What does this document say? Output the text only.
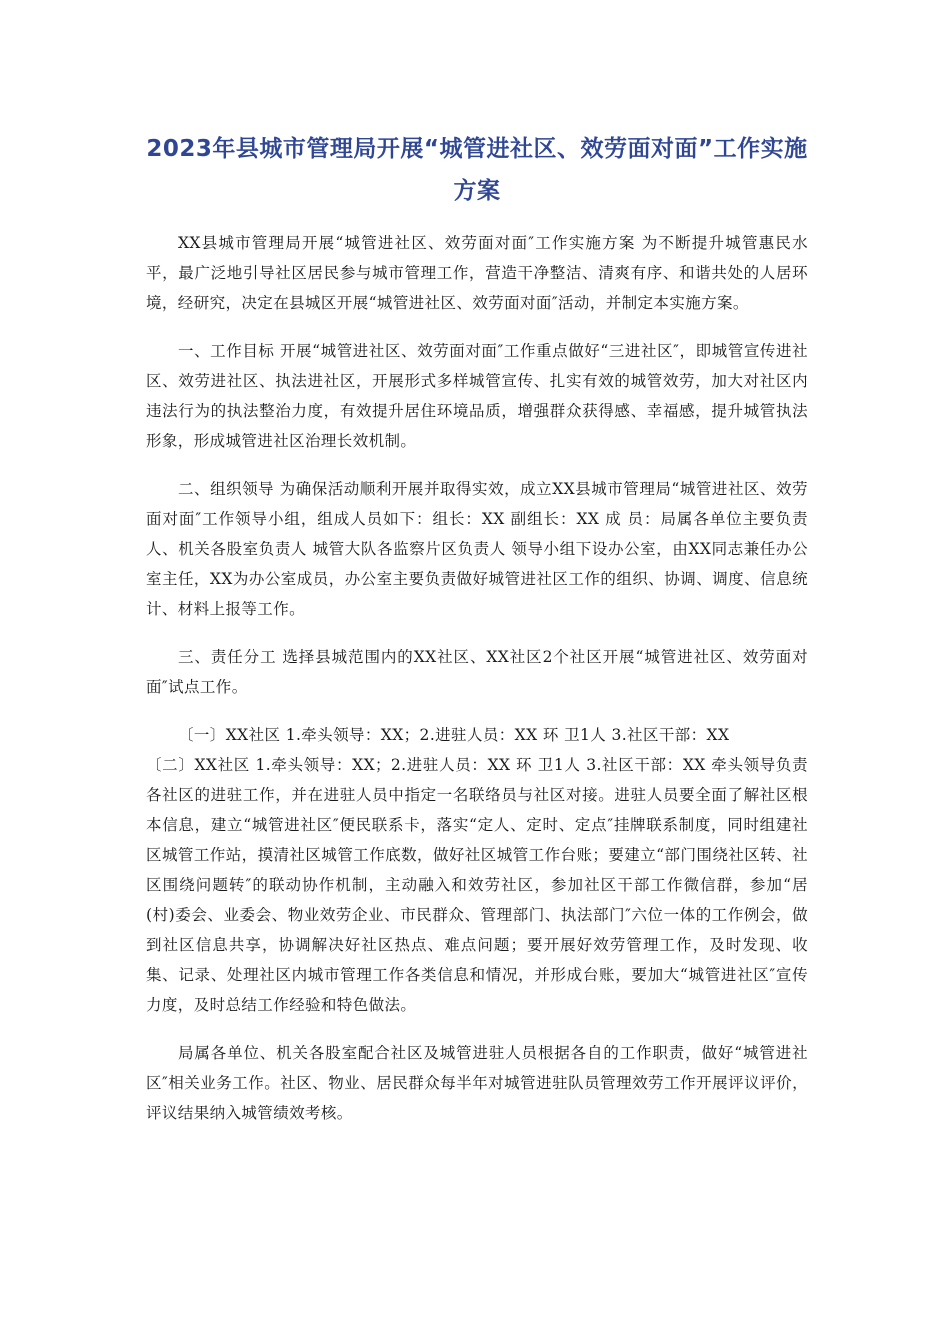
2023年县城市管理局开展“城管进社区、效劳面对面”工作实施方案

XX县城市管理局开展“城管进社区、效劳面对面″工作实施方案 为不断提升城管惠民水平，最广泛地引导社区居民参与城市管理工作，营造干净整洁、清爽有序、和谐共处的人居环境，经研究，决定在县城区开展“城管进社区、效劳面对面″活动，并制定本实施方案。

一、工作目标 开展“城管进社区、效劳面对面″工作重点做好“三进社区″，即城管宣传进社区、效劳进社区、执法进社区，开展形式多样城管宣传、扎实有效的城管效劳，加大对社区内违法行为的执法整治力度，有效提升居住环境品质，增强群众获得感、幸福感，提升城管执法形象，形成城管进社区治理长效机制。

二、组织领导 为确保活动顺利开展并取得实效，成立XX县城市管理局“城管进社区、效劳面对面″工作领导小组，组成人员如下：组长：XX 副组长：XX 成 员：局属各单位主要负责人、机关各股室负责人 城管大队各监察片区负责人 领导小组下设办公室，由XX同志兼任办公室主任，XX为办公室成员，办公室主要负责做好城管进社区工作的组织、协调、调度、信息统计、材料上报等工作。

三、责任分工 选择县城范围内的XX社区、XX社区2个社区开展“城管进社区、效劳面对面″试点工作。

〔一〕XX社区 1.牵头领导：XX；2.进驻人员：XX 环 卫1人 3.社区干部：XX

〔二〕XX社区 1.牵头领导：XX；2.进驻人员：XX 环 卫1人 3.社区干部：XX 牵头领导负责各社区的进驻工作，并在进驻人员中指定一名联络员与社区对接。进驻人员要全面了解社区根本信息，建立“城管进社区″便民联系卡，落实“定人、定时、定点″挂牌联系制度，同时组建社区城管工作站，摸清社区城管工作底数，做好社区城管工作台账；要建立“部门围绕社区转、社区围绕问题转″的联动协作机制，主动融入和效劳社区，参加社区干部工作微信群，参加“居(村)委会、业委会、物业效劳企业、市民群众、管理部门、执法部门″六位一体的工作例会，做到社区信息共享，协调解决好社区热点、难点问题；要开展好效劳管理工作，及时发现、收集、记录、处理社区内城市管理工作各类信息和情况，并形成台账，要加大“城管进社区″宣传力度，及时总结工作经验和特色做法。

局属各单位、机关各股室配合社区及城管进驻人员根据各自的工作职责，做好“城管进社区″相关业务工作。社区、物业、居民群众每半年对城管进驻队员管理效劳工作开展评议评价，评议结果纳入城管绩效考核。
